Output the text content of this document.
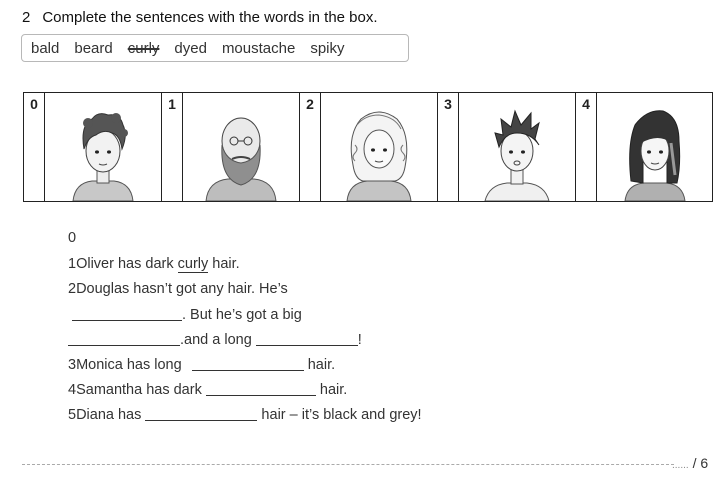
2 Complete the sentences with the words in the box.
bald beard curly dyed moustache spiky
0	1	2	3	4
0
1Oliver has dark curly hair.
2Douglas hasn’t got any hair. He’s
. But he’s got a big
.and a long	!
3Monica has long	hair.
4Samantha has dark	hair.
5Diana has	hair – it’s black and grey!
...... / 6
